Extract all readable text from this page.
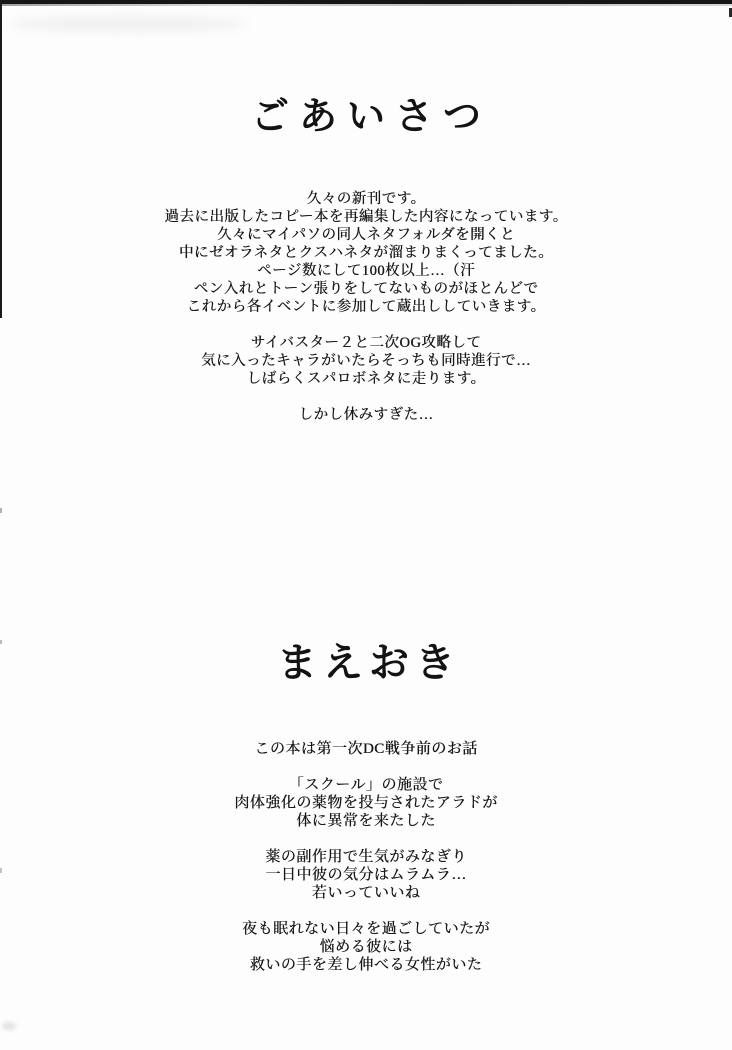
ごあいさつ
久々の新刊です。
過去に出版したコピー本を再編集した内容になっています。
久々にマイパソの同人ネタフォルダを開くと
中にゼオラネタとクスハネタが溜まりまくってました。
ページ数にして100枚以上…（汗
ペン入れとトーン張りをしてないものがほとんどで
これから各イベントに参加して蔵出ししていきます。
サイバスター２と二次OG攻略して
気に入ったキャラがいたらそっちも同時進行で…
しばらくスパロボネタに走ります。
しかし休みすぎた…
まえおき
この本は第一次DC戦争前のお話
「スクール」の施設で
肉体強化の薬物を投与されたアラドが
体に異常を来たした
薬の副作用で生気がみなぎり
一日中彼の気分はムラムラ…
若いっていいね
夜も眠れない日々を過ごしていたが
悩める彼には
救いの手を差し伸べる女性がいた
